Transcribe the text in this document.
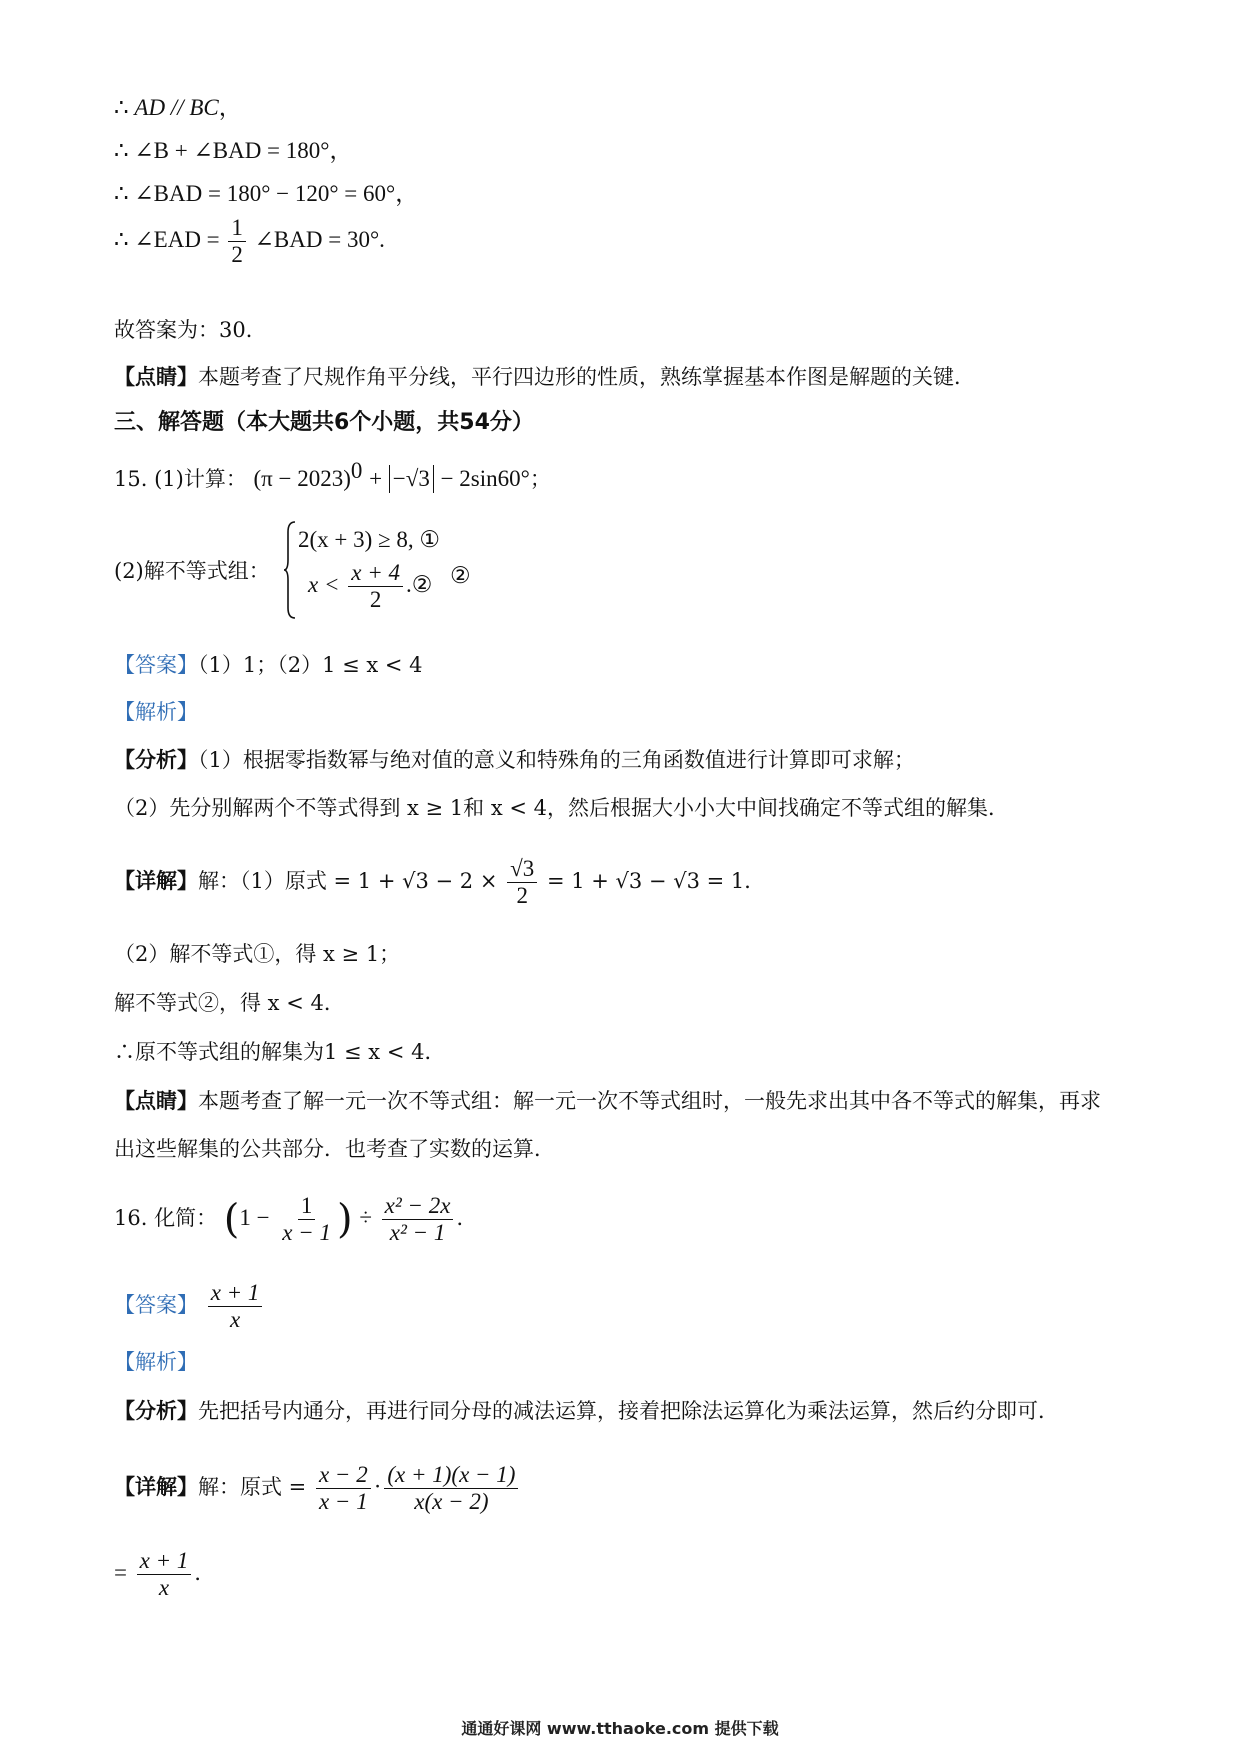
∴ AD // BC，
∴ ∠B + ∠BAD = 180°，
∴ ∠BAD = 180° − 120° = 60°，
∴ ∠EAD = $\frac{1}{2}$ ∠BAD = 30°.
故答案为：30．
【点睛】本题考查了尺规作角平分线，平行四边形的性质，熟练掌握基本作图是解题的关键．
三、解答题（本大题共6个小题，共54分）
15. (1)计算： $(\pi - 2023)^0 + -√3 - 2\sin 60^\circ$；
(2)解不等式组：
2(x + 3) ≥ 8, ①
$x < \frac{x + 4}{2}$ .② ②
【答案】（1）1；（2）1 ≤ x < 4
【解析】
【分析】（1）根据零指数幂与绝对值的意义和特殊角的三角函数值进行计算即可求解；
（2）先分别解两个不等式得到 x ≥ 1和 x < 4，然后根据大小小大中间找确定不等式组的解集．
【详解】解：（1）原式 = $1 + √3 - 2 \times \frac{√3}{2} = 1 + √3 - √3 = 1$．
（2）解不等式①，得 x ≥ 1；
解不等式②，得 x < 4．
∴原不等式组的解集为1 ≤ x < 4．
【点睛】本题考查了解一元一次不等式组：解一元一次不等式组时，一般先求出其中各不等式的解集，再求
出这些解集的公共部分．也考查了实数的运算．
16. 化简： ($1 - \frac{1}{x - 1}$ ) ÷ $\frac{\text{x² − 2x}}{\text{x² − 1}}$ ．
【答案】 $\frac{x + 1}{x}$
【解析】
【分析】先把括号内通分，再进行同分母的减法运算，接着把除法运算化为乘法运算，然后约分即可．
【详解】解：原式 = $\frac{x - 2}{x - 1} \cdot \frac{(x + 1)(x - 1)}{x(x - 2)}$
= $\frac{x + 1}{x}$ ．
通通好课网 www.tthaoke.com 提供下载
